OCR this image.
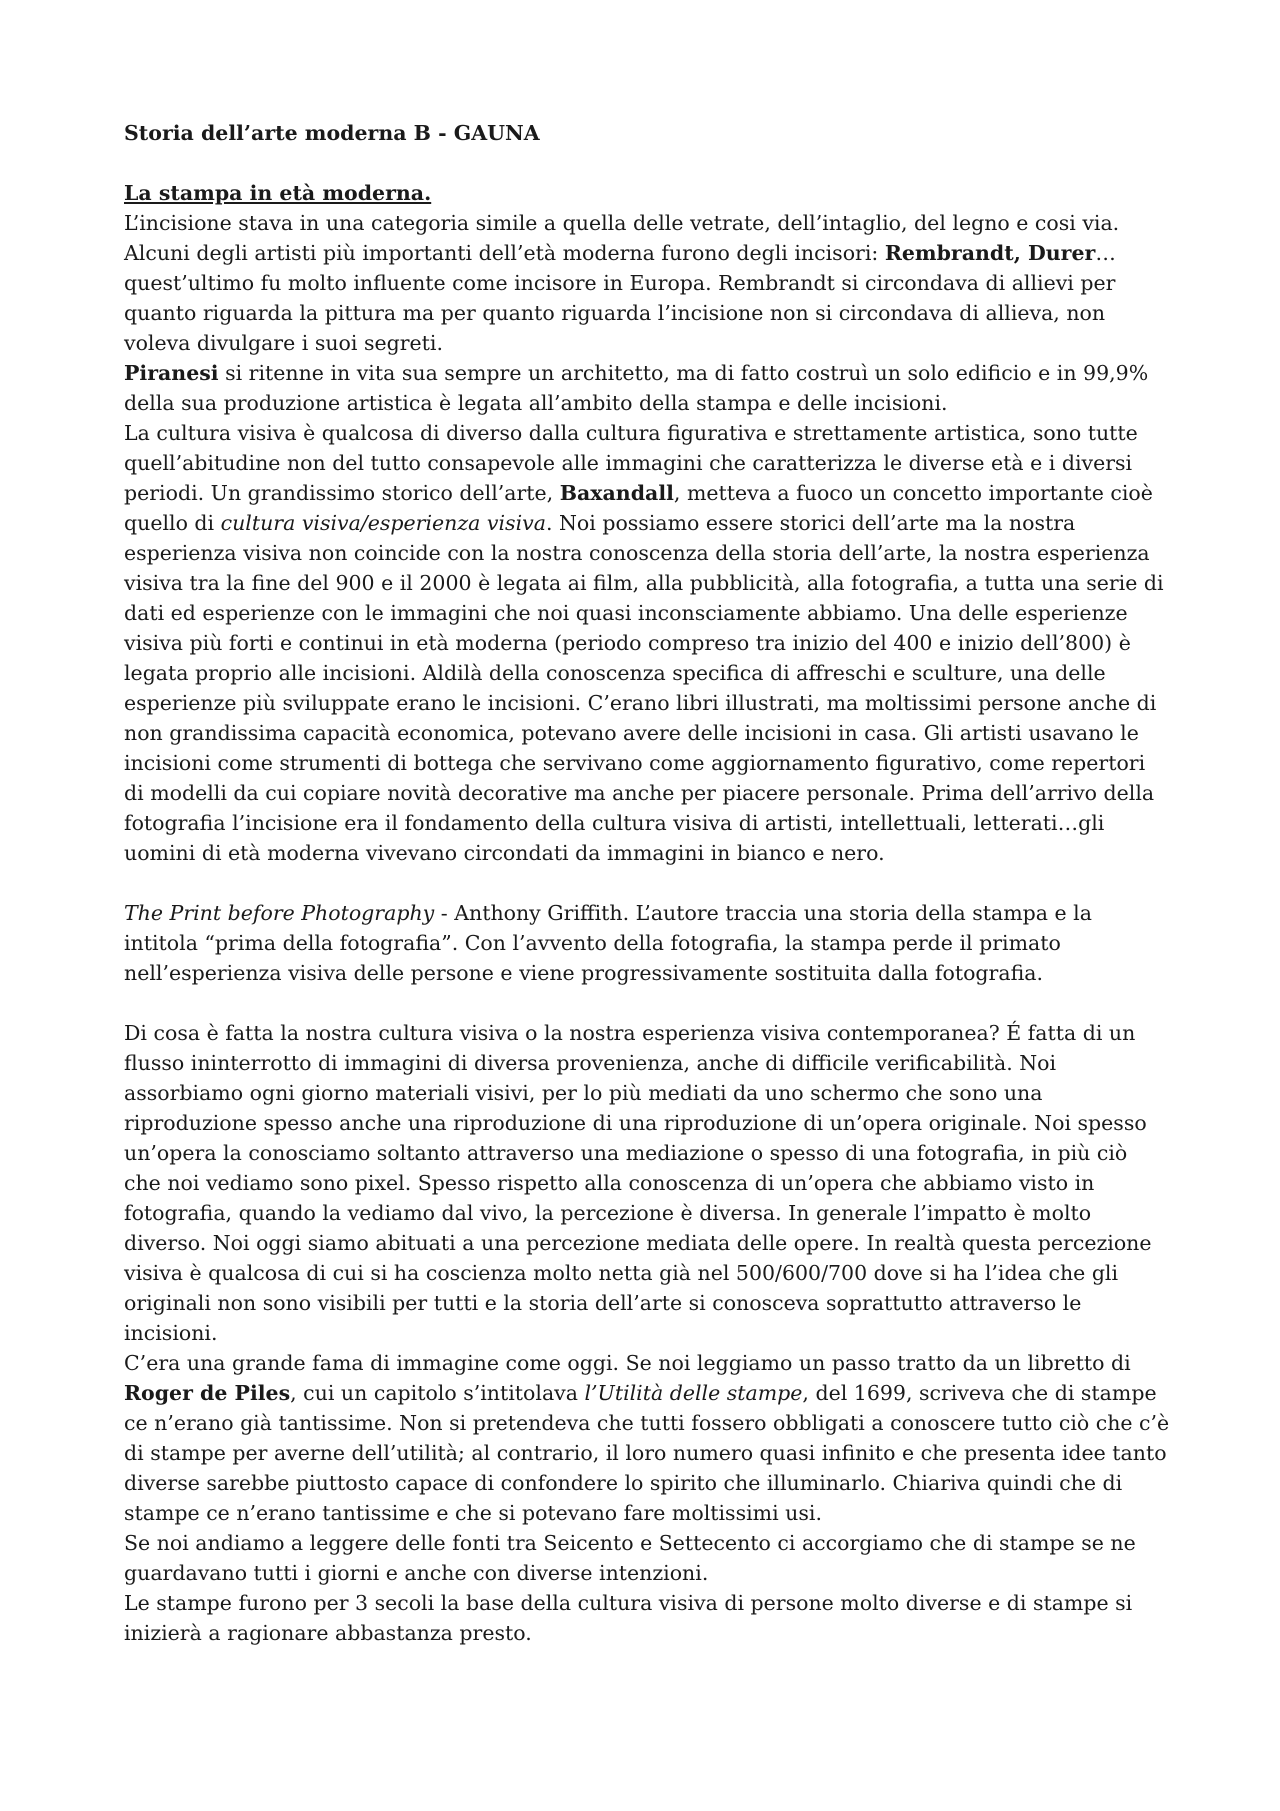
Storia dell’arte moderna B - GAUNA

La stampa in età moderna.

L’incisione stava in una categoria simile a quella delle vetrate, dell’intaglio, del legno e cosi via. Alcuni degli artisti più importanti dell’età moderna furono degli incisori: Rembrandt, Durer… quest’ultimo fu molto influente come incisore in Europa. Rembrandt si circondava di allievi per quanto riguarda la pittura ma per quanto riguarda l’incisione non si circondava di allieva, non voleva divulgare i suoi segreti.

Piranesi si ritenne in vita sua sempre un architetto, ma di fatto costruì un solo edificio e in 99,9% della sua produzione artistica è legata all’ambito della stampa e delle incisioni.

La cultura visiva è qualcosa di diverso dalla cultura figurativa e strettamente artistica, sono tutte quell’abitudine non del tutto consapevole alle immagini che caratterizza le diverse età e i diversi periodi. Un grandissimo storico dell’arte, Baxandall, metteva a fuoco un concetto importante cioè quello di cultura visiva/esperienza visiva. Noi possiamo essere storici dell’arte ma la nostra esperienza visiva non coincide con la nostra conoscenza della storia dell’arte, la nostra esperienza visiva tra la fine del 900 e il 2000 è legata ai film, alla pubblicità, alla fotografia, a tutta una serie di dati ed esperienze con le immagini che noi quasi inconsciamente abbiamo. Una delle esperienze visiva più forti e continui in età moderna (periodo compreso tra inizio del 400 e inizio dell’800) è legata proprio alle incisioni. Aldilà della conoscenza specifica di affreschi e sculture, una delle esperienze più sviluppate erano le incisioni. C’erano libri illustrati, ma moltissimi persone anche di non grandissima capacità economica, potevano avere delle incisioni in casa. Gli artisti usavano le incisioni come strumenti di bottega che servivano come aggiornamento figurativo, come repertori di modelli da cui copiare novità decorative ma anche per piacere personale. Prima dell’arrivo della fotografia l’incisione era il fondamento della cultura visiva di artisti, intellettuali, letterati…gli uomini di età moderna vivevano circondati da immagini in bianco e nero.

The Print before Photography - Anthony Griffith. L’autore traccia una storia della stampa e la intitola “prima della fotografia”. Con l’avvento della fotografia, la stampa perde il primato nell’esperienza visiva delle persone e viene progressivamente sostituita dalla fotografia.

Di cosa è fatta la nostra cultura visiva o la nostra esperienza visiva contemporanea? É fatta di un flusso ininterrotto di immagini di diversa provenienza, anche di difficile verificabilità. Noi assorbiamo ogni giorno materiali visivi, per lo più mediati da uno schermo che sono una riproduzione spesso anche una riproduzione di una riproduzione di un’opera originale. Noi spesso un’opera la conosciamo soltanto attraverso una mediazione o spesso di una fotografia, in più ciò che noi vediamo sono pixel. Spesso rispetto alla conoscenza di un’opera che abbiamo visto in fotografia, quando la vediamo dal vivo, la percezione è diversa. In generale l’impatto è molto diverso. Noi oggi siamo abituati a una percezione mediata delle opere. In realtà questa percezione visiva è qualcosa di cui si ha coscienza molto netta già nel 500/600/700 dove si ha l’idea che gli originali non sono visibili per tutti e la storia dell’arte si conosceva soprattutto attraverso le incisioni.

C’era una grande fama di immagine come oggi. Se noi leggiamo un passo tratto da un libretto di Roger de Piles, cui un capitolo s’intitolava l’Utilità delle stampe, del 1699, scriveva che di stampe ce n’erano già tantissime. Non si pretendeva che tutti fossero obbligati a conoscere tutto ciò che c’è di stampe per averne dell’utilità; al contrario, il loro numero quasi infinito e che presenta idee tanto diverse sarebbe piuttosto capace di confondere lo spirito che illuminarlo. Chiariva quindi che di stampe ce n’erano tantissime e che si potevano fare moltissimi usi.

Se noi andiamo a leggere delle fonti tra Seicento e Settecento ci accorgiamo che di stampe se ne guardavano tutti i giorni e anche con diverse intenzioni.

Le stampe furono per 3 secoli la base della cultura visiva di persone molto diverse e di stampe si inizierà a ragionare abbastanza presto.
